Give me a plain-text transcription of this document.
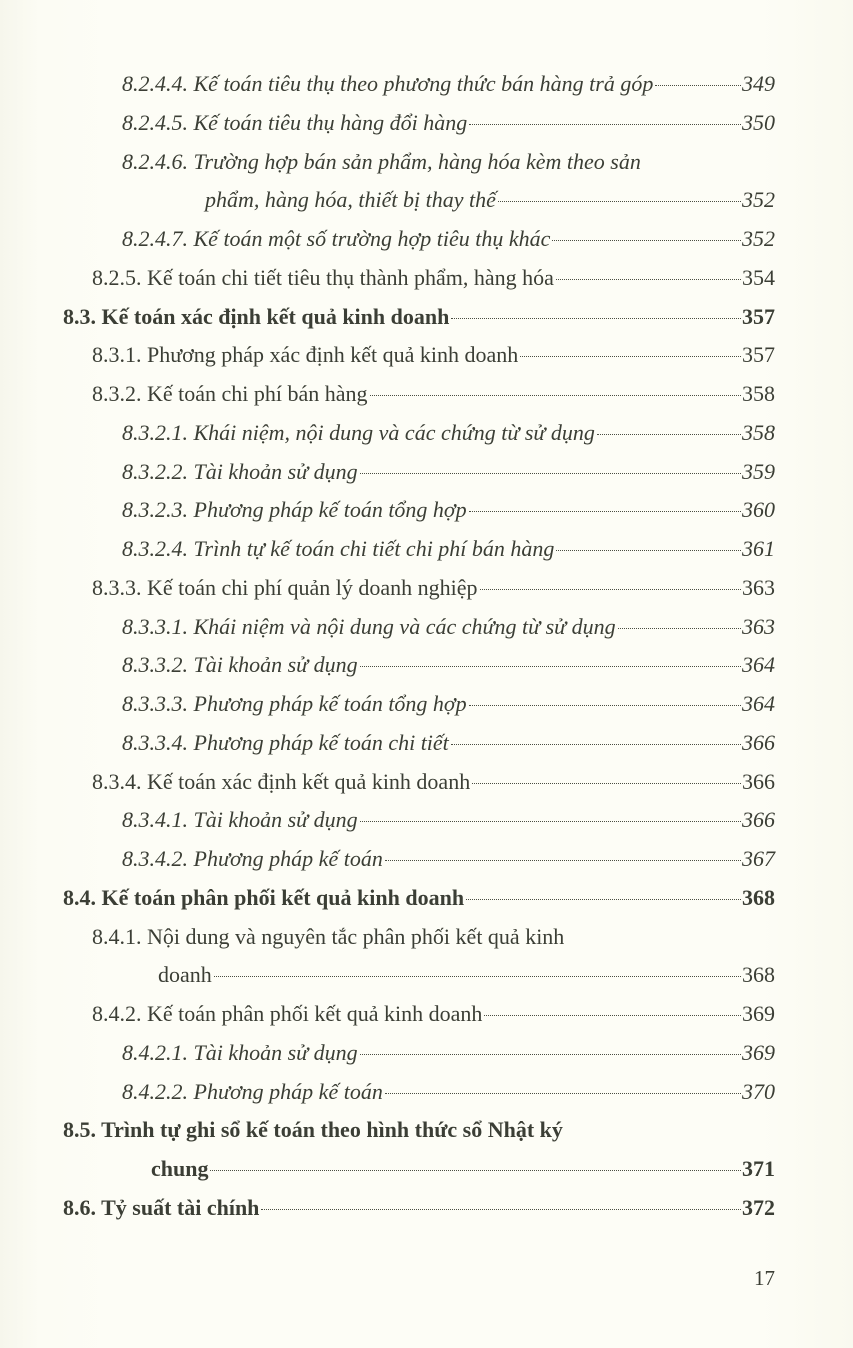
8.2.4.4. Kế toán tiêu thụ theo phương thức bán hàng trả góp	349
8.2.4.5. Kế toán tiêu thụ hàng đổi hàng	350
8.2.4.6. Trường hợp bán sản phẩm, hàng hóa kèm theo sản
phẩm, hàng hóa, thiết bị thay thế	352
8.2.4.7. Kế toán một số trường hợp tiêu thụ khác	352
8.2.5. Kế toán chi tiết tiêu thụ thành phẩm, hàng hóa	354
8.3. Kế toán xác định kết quả kinh doanh	357
8.3.1. Phương pháp xác định kết quả kinh doanh	357
8.3.2. Kế toán chi phí bán hàng	358
8.3.2.1. Khái niệm, nội dung và các chứng từ sử dụng	358
8.3.2.2. Tài khoản sử dụng	359
8.3.2.3. Phương pháp kế toán tổng hợp	360
8.3.2.4. Trình tự kế toán chi tiết chi phí bán hàng	361
8.3.3. Kế toán chi phí quản lý doanh nghiệp	363
8.3.3.1. Khái niệm và nội dung và các chứng từ sử dụng	363
8.3.3.2. Tài khoản sử dụng	364
8.3.3.3. Phương pháp kế toán tổng hợp	364
8.3.3.4. Phương pháp kế toán chi tiết	366
8.3.4. Kế toán xác định kết quả kinh doanh	366
8.3.4.1. Tài khoản sử dụng	366
8.3.4.2. Phương pháp kế toán	367
8.4. Kế toán phân phối kết quả kinh doanh	368
8.4.1. Nội dung và nguyên tắc phân phối kết quả kinh
doanh	368
8.4.2. Kế toán phân phối kết quả kinh doanh	369
8.4.2.1. Tài khoản sử dụng	369
8.4.2.2. Phương pháp kế toán	370
8.5. Trình tự ghi sổ kế toán theo hình thức sổ Nhật ký
chung	371
8.6. Tỷ suất tài chính	372
17
